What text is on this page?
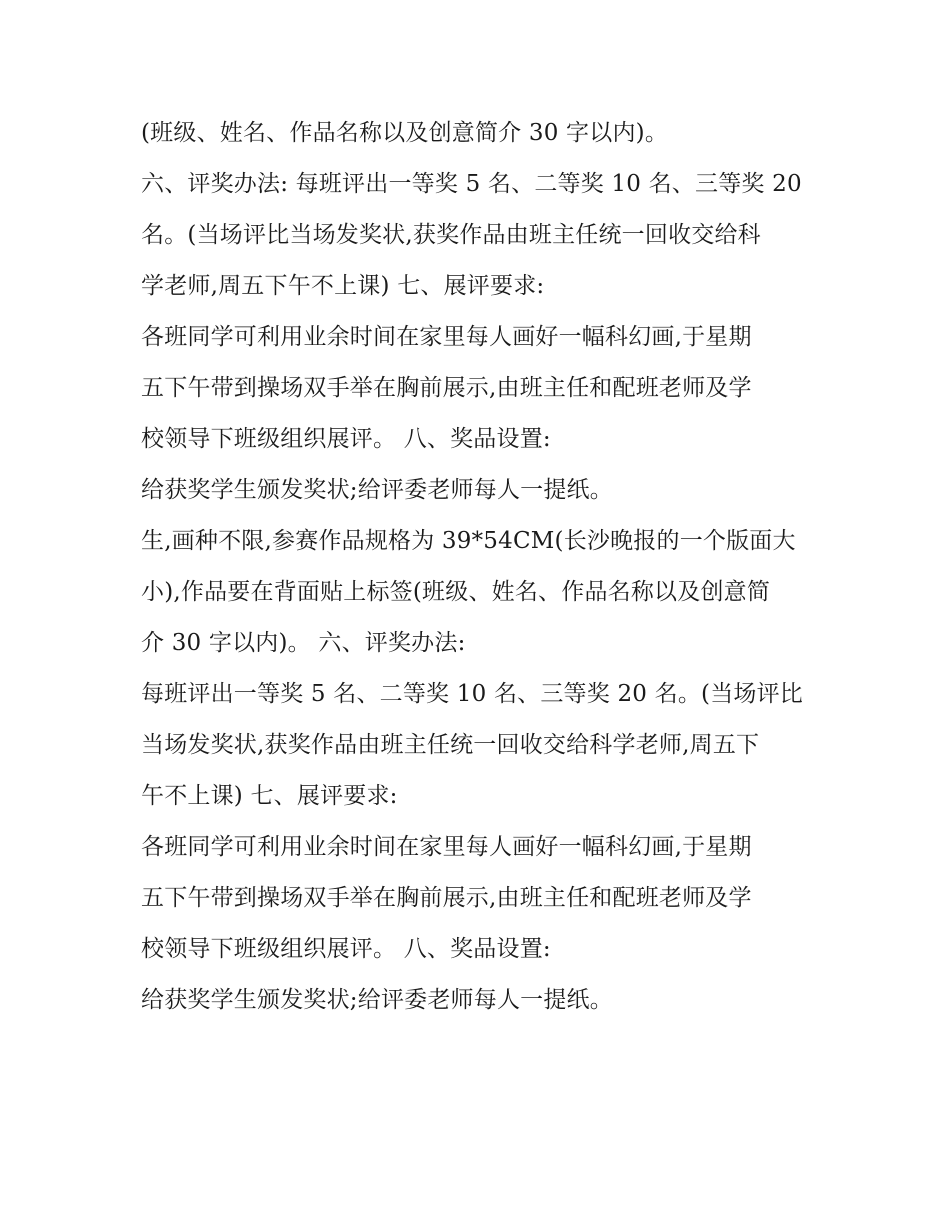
(班级、姓名、作品名称以及创意简介 30 字以内)。
六、评奖办法: 每班评出一等奖 5 名、二等奖 10 名、三等奖 20
名。(当场评比当场发奖状,获奖作品由班主任统一回收交给科
学老师,周五下午不上课) 七、展评要求:
各班同学可利用业余时间在家里每人画好一幅科幻画,于星期
五下午带到操场双手举在胸前展示,由班主任和配班老师及学
校领导下班级组织展评。 八、奖品设置:
给获奖学生颁发奖状;给评委老师每人一提纸。
生,画种不限,参赛作品规格为 39*54CM(长沙晚报的一个版面大
小),作品要在背面贴上标签(班级、姓名、作品名称以及创意简
介 30 字以内)。 六、评奖办法:
每班评出一等奖 5 名、二等奖 10 名、三等奖 20 名。(当场评比
当场发奖状,获奖作品由班主任统一回收交给科学老师,周五下
午不上课) 七、展评要求:
各班同学可利用业余时间在家里每人画好一幅科幻画,于星期
五下午带到操场双手举在胸前展示,由班主任和配班老师及学
校领导下班级组织展评。 八、奖品设置:
给获奖学生颁发奖状;给评委老师每人一提纸。
